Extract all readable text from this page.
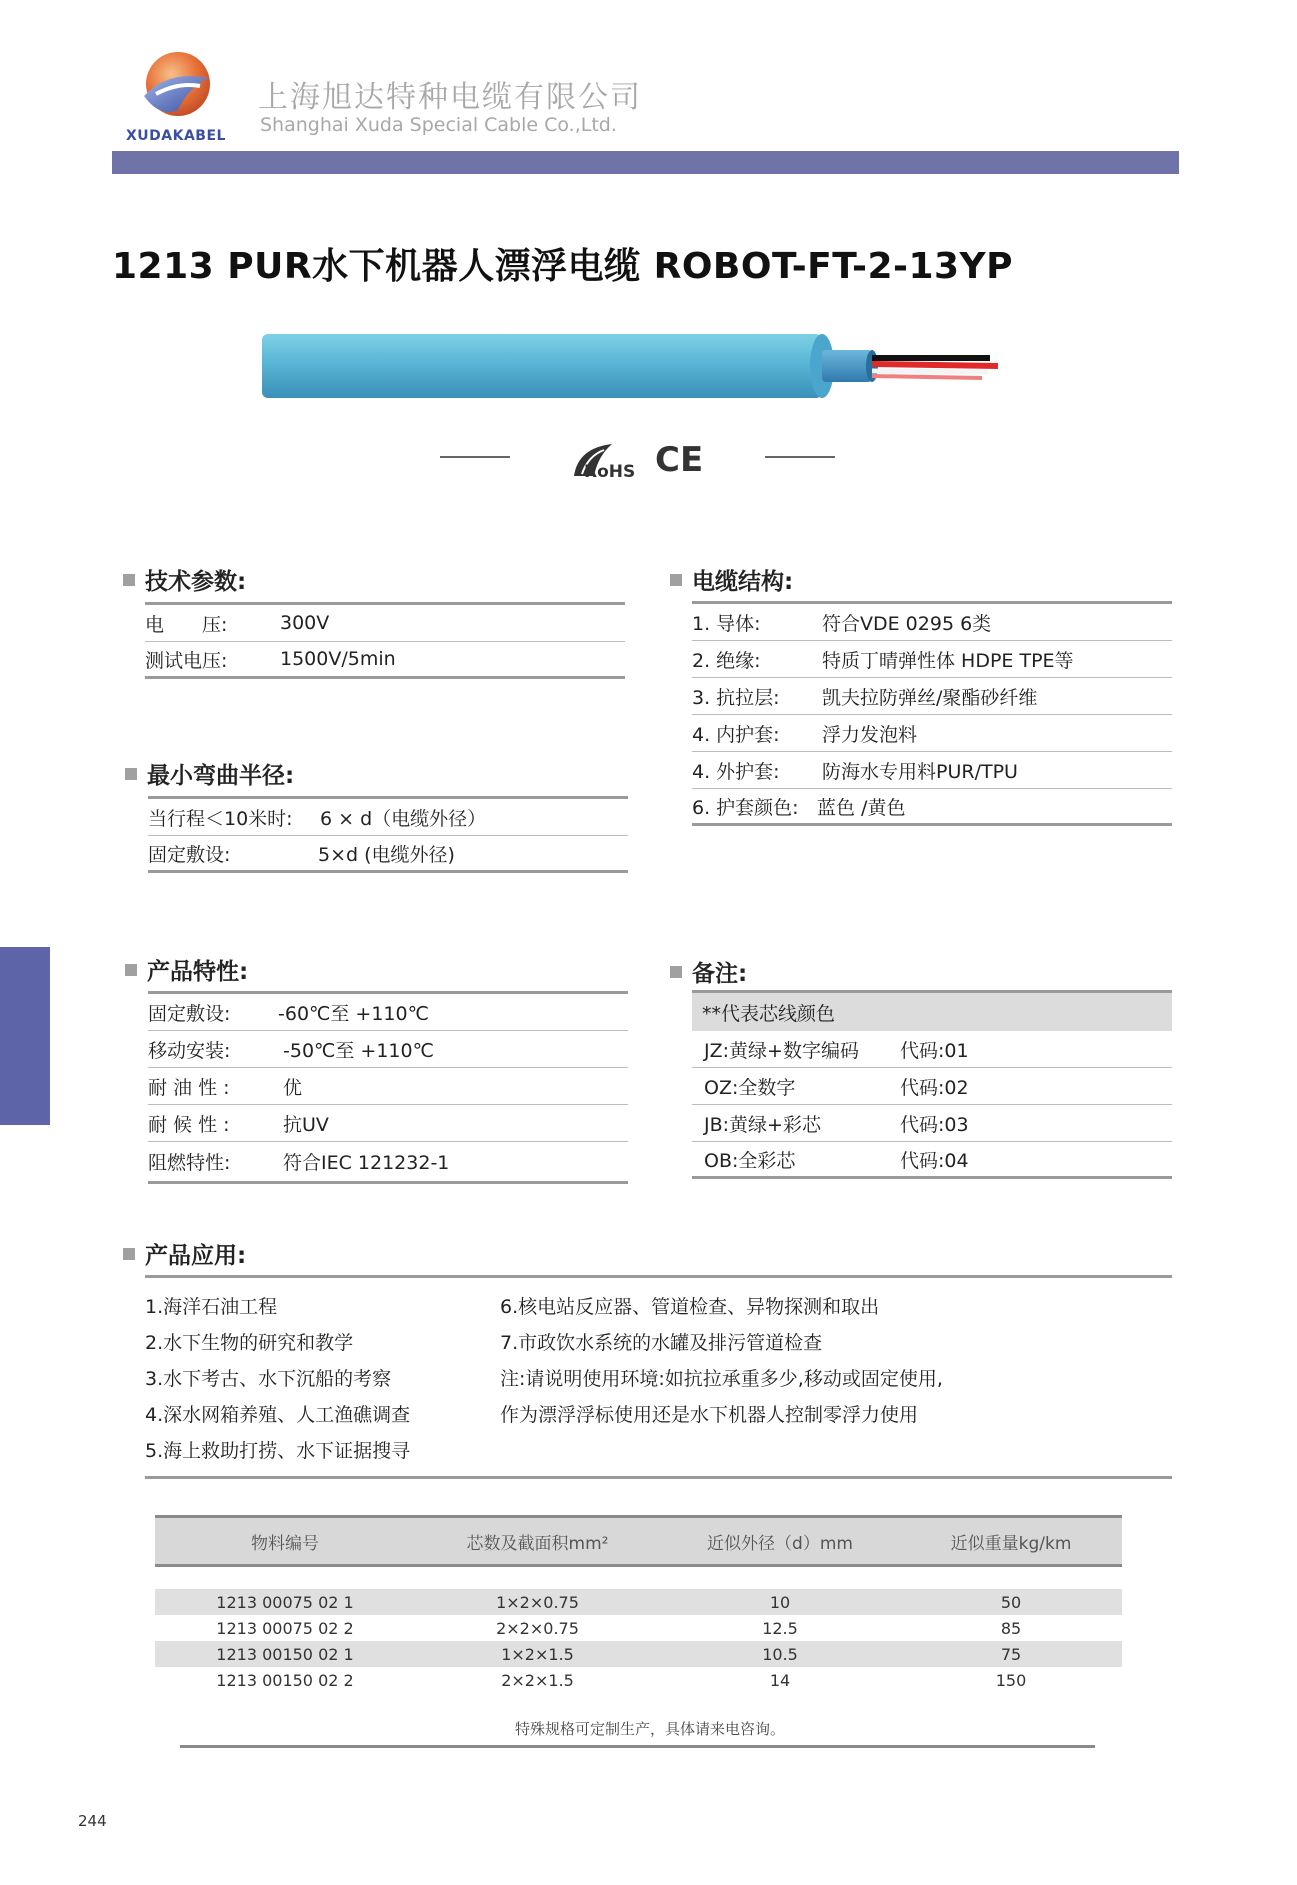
XUDAKABEL
上海旭达特种电缆有限公司
Shanghai Xuda Special Cable Co.,Ltd.
1213 PUR水下机器人漂浮电缆 ROBOT-FT-2-13YP
RoHS CE
技术参数:
电　　压:	300V
测试电压:	1500V/5min
最小弯曲半径:
当行程＜10米时:	6 × d（电缆外径）
固定敷设:	5×d (电缆外径)
电缆结构:
1. 导体:	符合VDE 0295 6类
2. 绝缘:	特质丁晴弹性体 HDPE TPE等
3. 抗拉层:	凯夫拉防弹丝/聚酯砂纤维
4. 内护套:	浮力发泡料
4. 外护套:	防海水专用料PUR/TPU
6. 护套颜色: 蓝色 /黄色
产品特性:
固定敷设:	-60℃至 +110℃
移动安装:	-50℃至 +110℃
耐 油 性 :	优
耐 候 性 :	抗UV
阻燃特性:	符合IEC 121232-1
备注:
**代表芯线颜色
JZ:黄绿+数字编码	代码:01
OZ:全数字	代码:02
JB:黄绿+彩芯	代码:03
OB:全彩芯	代码:04
产品应用:
1.海洋石油工程
2.水下生物的研究和教学
3.水下考古、水下沉船的考察
4.深水网箱养殖、人工渔礁调查
5.海上救助打捞、水下证据搜寻
6.核电站反应器、管道检查、异物探测和取出
7.市政饮水系统的水罐及排污管道检查
注:请说明使用环境:如抗拉承重多少,移动或固定使用,
作为漂浮浮标使用还是水下机器人控制零浮力使用
物料编号	芯数及截面积mm²	近似外径（d）mm	近似重量kg/km
1213 00075 02 1	1×2×0.75	10	50
1213 00075 02 2	2×2×0.75	12.5	85
1213 00150 02 1	1×2×1.5	10.5	75
1213 00150 02 2	2×2×1.5	14	150
特殊规格可定制生产，具体请来电咨询。
244
